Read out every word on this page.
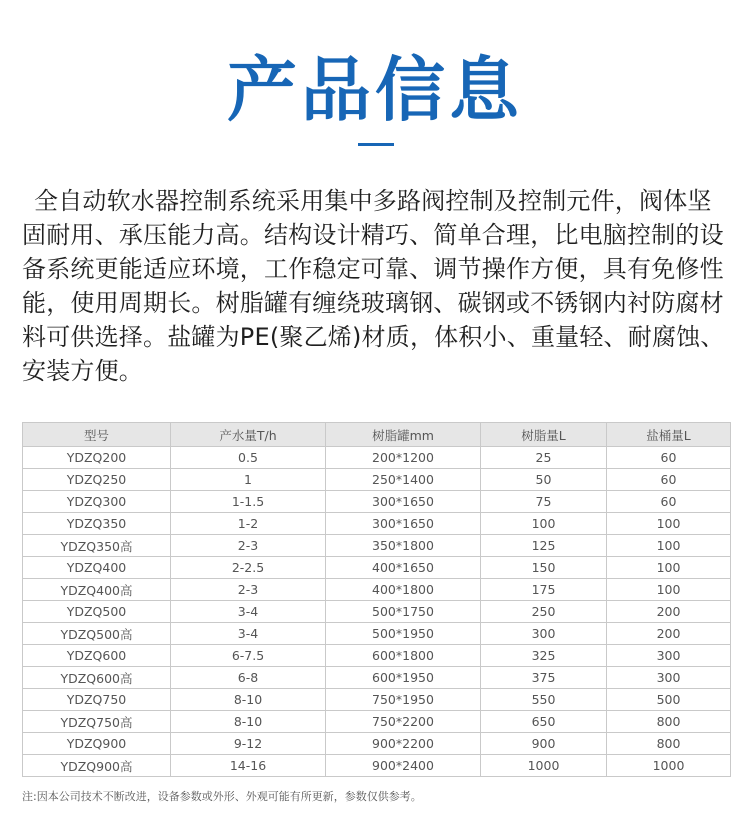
产品信息
全自动软水器控制系统采用集中多路阀控制及控制元件，阀体坚固耐用、承压能力高。结构设计精巧、简单合理，比电脑控制的设备系统更能适应环境，工作稳定可靠、调节操作方便，具有免修性能，使用周期长。树脂罐有缠绕玻璃钢、碳钢或不锈钢内衬防腐材料可供选择。盐罐为PE(聚乙烯)材质，体积小、重量轻、耐腐蚀、安装方便。
型号	产水量T/h	树脂罐mm	树脂量L	盐桶量L
YDZQ200	0.5	200*1200	25	60
YDZQ250	1	250*1400	50	60
YDZQ300	1-1.5	300*1650	75	60
YDZQ350	1-2	300*1650	100	100
YDZQ350高	2-3	350*1800	125	100
YDZQ400	2-2.5	400*1650	150	100
YDZQ400高	2-3	400*1800	175	100
YDZQ500	3-4	500*1750	250	200
YDZQ500高	3-4	500*1950	300	200
YDZQ600	6-7.5	600*1800	325	300
YDZQ600高	6-8	600*1950	375	300
YDZQ750	8-10	750*1950	550	500
YDZQ750高	8-10	750*2200	650	800
YDZQ900	9-12	900*2200	900	800
YDZQ900高	14-16	900*2400	1000	1000
注:因本公司技术不断改进，设备参数或外形、外观可能有所更新，参数仅供参考。
